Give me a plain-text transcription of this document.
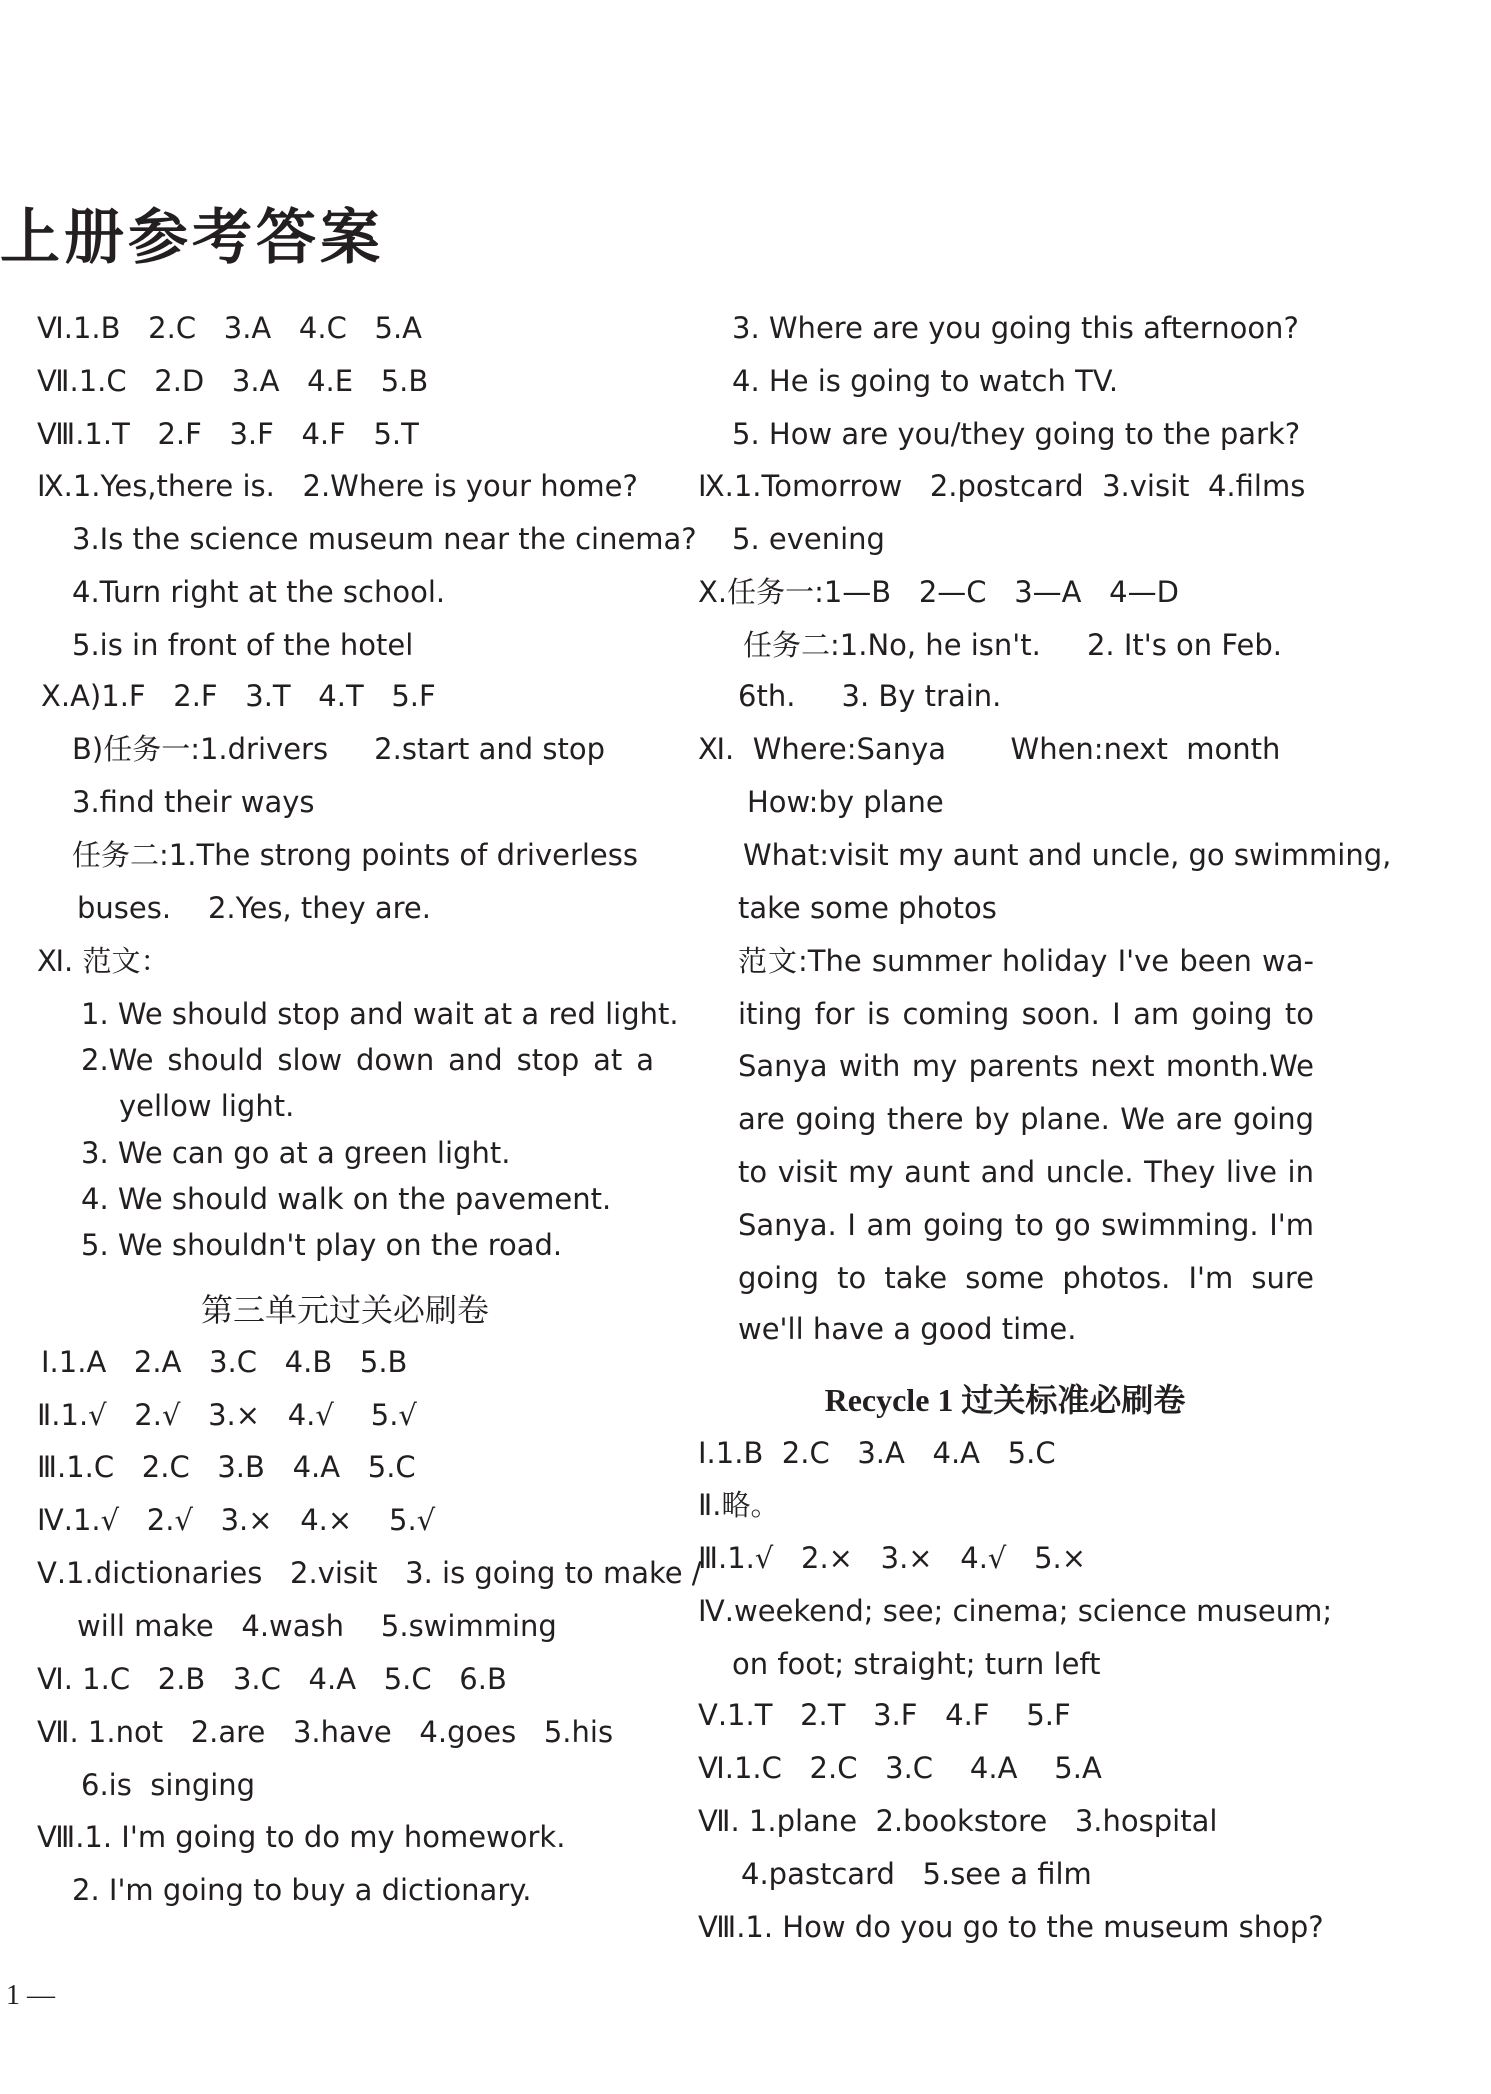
上册参考答案
Ⅵ.1.B   2.C   3.A   4.C   5.A
Ⅶ.1.C   2.D   3.A   4.E   5.B
Ⅷ.1.T   2.F   3.F   4.F   5.T
Ⅸ.1.Yes,there is.   2.Where is your home?
3.Is the science museum near the cinema?
4.Turn right at the school.
5.is in front of the hotel
Ⅹ.A)1.F   2.F   3.T   4.T   5.F
B)任务一:1.drivers     2.start and stop
3.find their ways
任务二:1.The strong points of driverless
buses.    2.Yes, they are.
Ⅺ. 范文：
1. We should stop and wait at a red light.
2.We should slow down and stop at a
yellow light.
3. We can go at a green light.
4. We should walk on the pavement.
5. We shouldn't play on the road.
Ⅰ.1.A   2.A   3.C   4.B   5.B
Ⅱ.1.√   2.√   3.×   4.√    5.√
Ⅲ.1.C   2.C   3.B   4.A   5.C
Ⅳ.1.√   2.√   3.×   4.×    5.√
Ⅴ.1.dictionaries   2.visit   3. is going to make /
will make   4.wash    5.swimming
Ⅵ. 1.C   2.B   3.C   4.A   5.C   6.B
Ⅶ. 1.not   2.are   3.have   4.goes   5.his
6.is  singing
Ⅷ.1. I'm going to do my homework.
2. I'm going to buy a dictionary.
第三单元过关必刷卷
3. Where are you going this afternoon?
4. He is going to watch TV.
5. How are you/they going to the park?
Ⅸ.1.Tomorrow   2.postcard  3.visit  4.films
5. evening
Ⅹ.任务一:1—B   2—C   3—A   4—D
任务二:1.No, he isn't.     2. It's on Feb.
6th.     3. By train.
Ⅺ.  Where:Sanya       When:next  month
How:by plane
What:visit my aunt and uncle, go swimming,
take some photos
范文:The summer holiday I've been wa-
iting for is coming soon. I am going to
Sanya with my parents next month.We
are going there by plane. We are going
to visit my aunt and uncle. They live in
Sanya. I am going to go swimming. I'm
going to take some photos. I'm sure
we'll have a good time.
Ⅰ.1.B  2.C   3.A   4.A   5.C
Ⅱ.略。
Ⅲ.1.√   2.×   3.×   4.√   5.×
Ⅳ.weekend; see; cinema; science museum;
on foot; straight; turn left
Ⅴ.1.T   2.T   3.F   4.F    5.F
Ⅵ.1.C   2.C   3.C    4.A    5.A
Ⅶ. 1.plane  2.bookstore   3.hospital
4.pastcard   5.see a film
Ⅷ.1. How do you go to the museum shop?
Recycle 1 过关标准必刷卷
1 —
